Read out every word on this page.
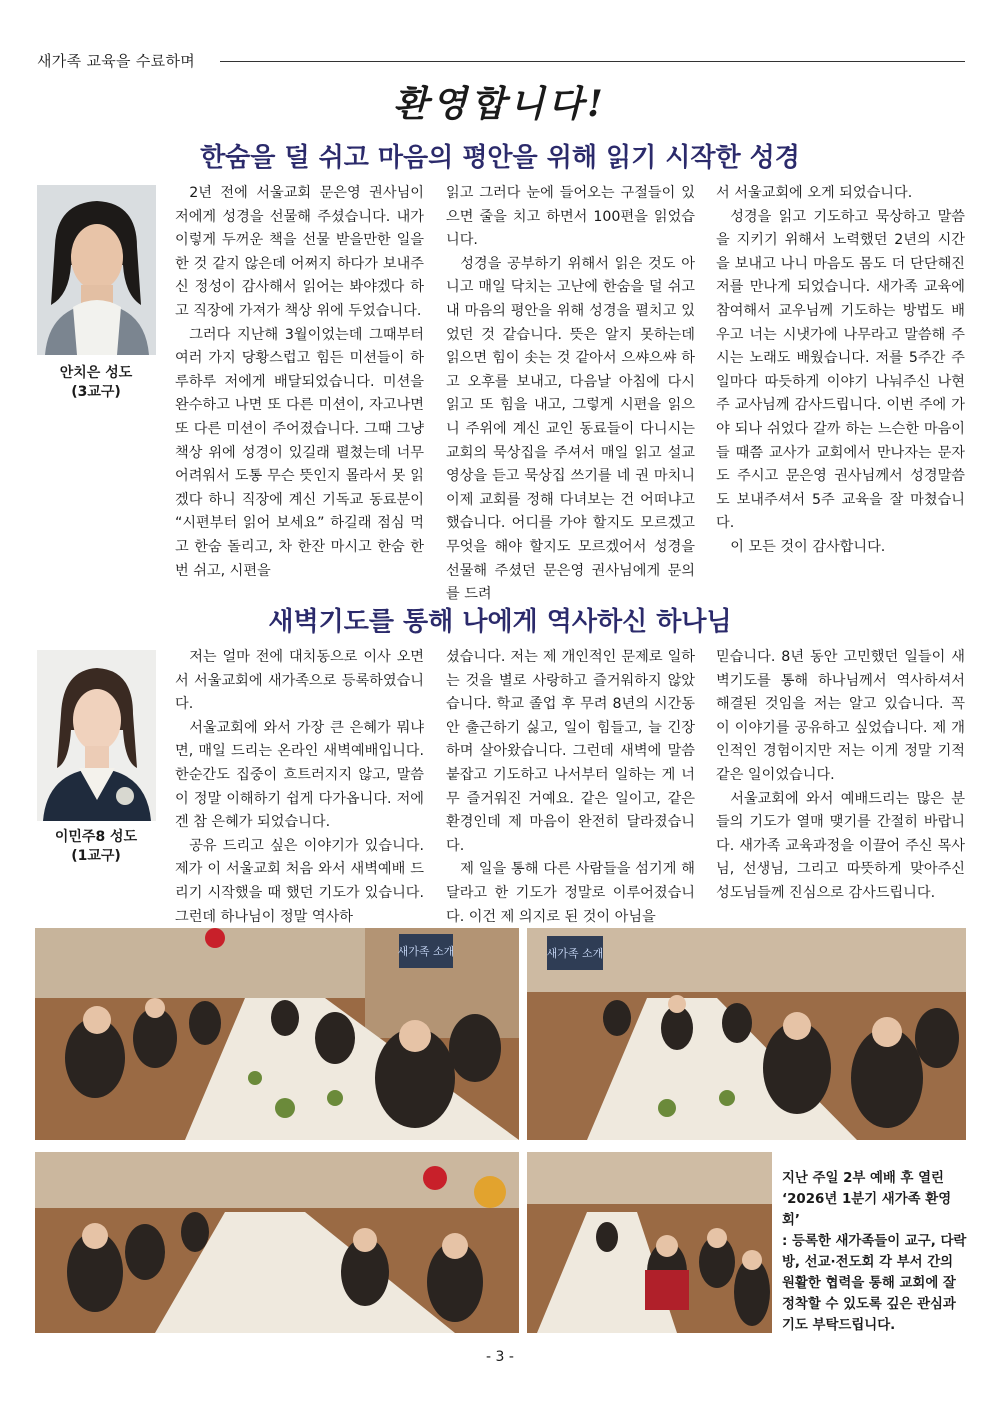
새가족 교육을 수료하며
환영합니다!
한숨을 덜 쉬고 마음의 평안을 위해 읽기 시작한 성경
안치은 성도
(3교구)

2년 전에 서울교회 문은영 권사님이 저에게 성경을 선물해 주셨습니다. 내가 이렇게 두꺼운 책을 선물 받을만한 일을 한 것 같지 않은데 어쩌지 하다가 보내주신 정성이 감사해서 읽어는 봐야겠다 하고 직장에 가져가 책상 위에 두었습니다.

그러다 지난해 3월이었는데 그때부터 여러 가지 당황스럽고 힘든 미션들이 하루하루 저에게 배달되었습니다. 미션을 완수하고 나면 또 다른 미션이, 자고나면 또 다른 미션이 주어졌습니다. 그때 그냥 책상 위에 성경이 있길래 펼쳤는데 너무 어려워서 도통 무슨 뜻인지 몰라서 못 읽겠다 하니 직장에 계신 기독교 동료분이 “시편부터 읽어 보세요” 하길래 점심 먹고 한숨 돌리고, 차 한잔 마시고 한숨 한번 쉬고, 시편을

읽고 그러다 눈에 들어오는 구절들이 있으면 줄을 치고 하면서 100편을 읽었습니다.

성경을 공부하기 위해서 읽은 것도 아니고 매일 닥치는 고난에 한숨을 덜 쉬고 내 마음의 평안을 위해 성경을 펼치고 있었던 것 같습니다. 뜻은 알지 못하는데 읽으면 힘이 솟는 것 같아서 으쌰으쌰 하고 오후를 보내고, 다음날 아침에 다시 읽고 또 힘을 내고, 그렇게 시편을 읽으니 주위에 계신 교인 동료들이 다니시는 교회의 묵상집을 주셔서 매일 읽고 설교영상을 듣고 묵상집 쓰기를 네 권 마치니 이제 교회를 정해 다녀보는 건 어떠냐고 했습니다. 어디를 가야 할지도 모르겠고 무엇을 해야 할지도 모르겠어서 성경을 선물해 주셨던 문은영 권사님에게 문의를 드려

서 서울교회에 오게 되었습니다.

성경을 읽고 기도하고 묵상하고 말씀을 지키기 위해서 노력했던 2년의 시간을 보내고 나니 마음도 몸도 더 단단해진 저를 만나게 되었습니다. 새가족 교육에 참여해서 교우님께 기도하는 방법도 배우고 너는 시냇가에 나무라고 말씀해 주시는 노래도 배웠습니다. 저를 5주간 주일마다 따듯하게 이야기 나눠주신 나현주 교사님께 감사드립니다. 이번 주에 가야 되나 쉬었다 갈까 하는 느슨한 마음이 들 때쯤 교사가 교회에서 만나자는 문자도 주시고 문은영 권사님께서 성경말씀도 보내주셔서 5주 교육을 잘 마쳤습니다.

이 모든 것이 감사합니다.

새벽기도를 통해 나에게 역사하신 하나님
이민주8 성도
(1교구)

저는 얼마 전에 대치동으로 이사 오면서 서울교회에 새가족으로 등록하였습니다.

서울교회에 와서 가장 큰 은혜가 뭐냐면, 매일 드리는 온라인 새벽예배입니다. 한순간도 집중이 흐트러지지 않고, 말씀이 정말 이해하기 쉽게 다가옵니다. 저에겐 참 은혜가 되었습니다.

공유 드리고 싶은 이야기가 있습니다. 제가 이 서울교회 처음 와서 새벽예배 드리기 시작했을 때 했던 기도가 있습니다. 그런데 하나님이 정말 역사하

셨습니다. 저는 제 개인적인 문제로 일하는 것을 별로 사랑하고 즐거워하지 않았습니다. 학교 졸업 후 무려 8년의 시간동안 출근하기 싫고, 일이 힘들고, 늘 긴장하며 살아왔습니다. 그런데 새벽에 말씀 붙잡고 기도하고 나서부터 일하는 게 너무 즐거워진 거예요. 같은 일이고, 같은 환경인데 제 마음이 완전히 달라졌습니다.

제 일을 통해 다른 사람들을 섬기게 해달라고 한 기도가 정말로 이루어졌습니다. 이건 제 의지로 된 것이 아님을

믿습니다. 8년 동안 고민했던 일들이 새벽기도를 통해 하나님께서 역사하셔서 해결된 것임을 저는 알고 있습니다. 꼭 이 이야기를 공유하고 싶었습니다. 제 개인적인 경험이지만 저는 이게 정말 기적 같은 일이었습니다.

서울교회에 와서 예배드리는 많은 분들의 기도가 열매 맺기를 간절히 바랍니다. 새가족 교육과정을 이끌어 주신 목사님, 선생님, 그리고 따뜻하게 맞아주신 성도님들께 진심으로 감사드립니다.

새가족 소개	새가족 소개
지난 주일 2부 예배 후 열린
‘2026년 1분기 새가족 환영회’
: 등록한 새가족들이 교구, 다락방, 선교·전도회 각 부서 간의 원활한 협력을 통해 교회에 잘 정착할 수 있도록 깊은 관심과 기도 부탁드립니다.
- 3 -
